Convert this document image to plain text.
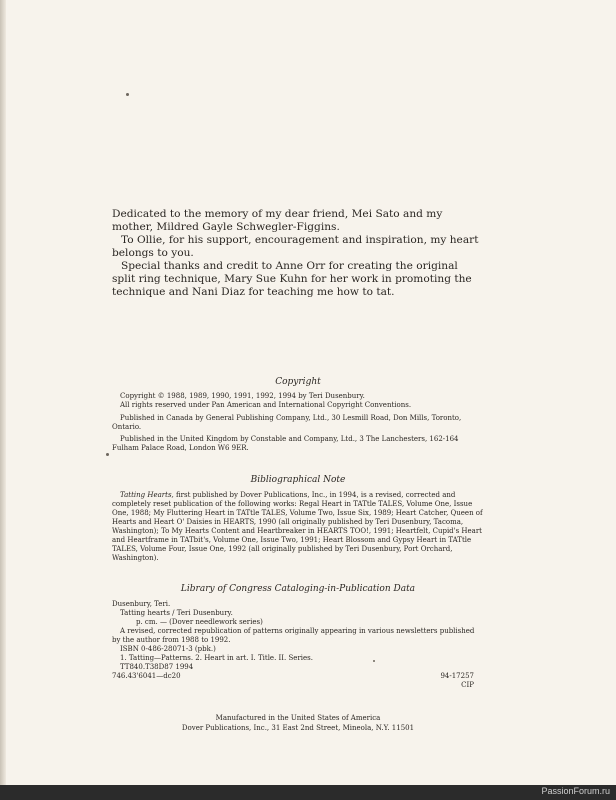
Dedicated to the memory of my dear friend, Mei Sato and my mother, Mildred Gayle Schwegler-Figgins.

To Ollie, for his support, encouragement and inspiration, my heart belongs to you.

Special thanks and credit to Anne Orr for creating the original split ring technique, Mary Sue Kuhn for her work in promoting the technique and Nani Diaz for teaching me how to tat.

Copyright

Copyright © 1988, 1989, 1990, 1991, 1992, 1994 by Teri Dusenbury.

All rights reserved under Pan American and International Copyright Conventions.

Published in Canada by General Publishing Company, Ltd., 30 Lesmill Road, Don Mills, Toronto, Ontario.

Published in the United Kingdom by Constable and Company, Ltd., 3 The Lanchesters, 162-164 Fulham Palace Road, London W6 9ER.

Bibliographical Note

Tatting Hearts, first published by Dover Publications, Inc., in 1994, is a revised, corrected and completely reset publication of the following works: Regal Heart in TATtle TALES, Volume One, Issue One, 1988; My Fluttering Heart in TATtle TALES, Volume Two, Issue Six, 1989; Heart Catcher, Queen of Hearts and Heart O' Daisies in HEARTS, 1990 (all originally published by Teri Dusenbury, Tacoma, Washington); To My Hearts Content and Heartbreaker in HEARTS TOO!, 1991; Heartfelt, Cupid's Heart and Heartframe in TATbit's, Volume One, Issue Two, 1991; Heart Blossom and Gypsy Heart in TATtle TALES, Volume Four, Issue One, 1992 (all originally published by Teri Dusenbury, Port Orchard, Washington).

Library of Congress Cataloging-in-Publication Data

Dusenbury, Teri.

Tatting hearts / Teri Dusenbury.

p. cm. — (Dover needlework series)

A revised, corrected republication of patterns originally appearing in various newsletters published by the author from 1988 to 1992.

ISBN 0-486-28071-3 (pbk.)

1. Tatting—Patterns. 2. Heart in art. I. Title. II. Series.

TT840.T38D87 1994

746.43'6041—dc20	94-17257
CIP
Manufactured in the United States of America
Dover Publications, Inc., 31 East 2nd Street, Mineola, N.Y. 11501
PassionForum.ru
